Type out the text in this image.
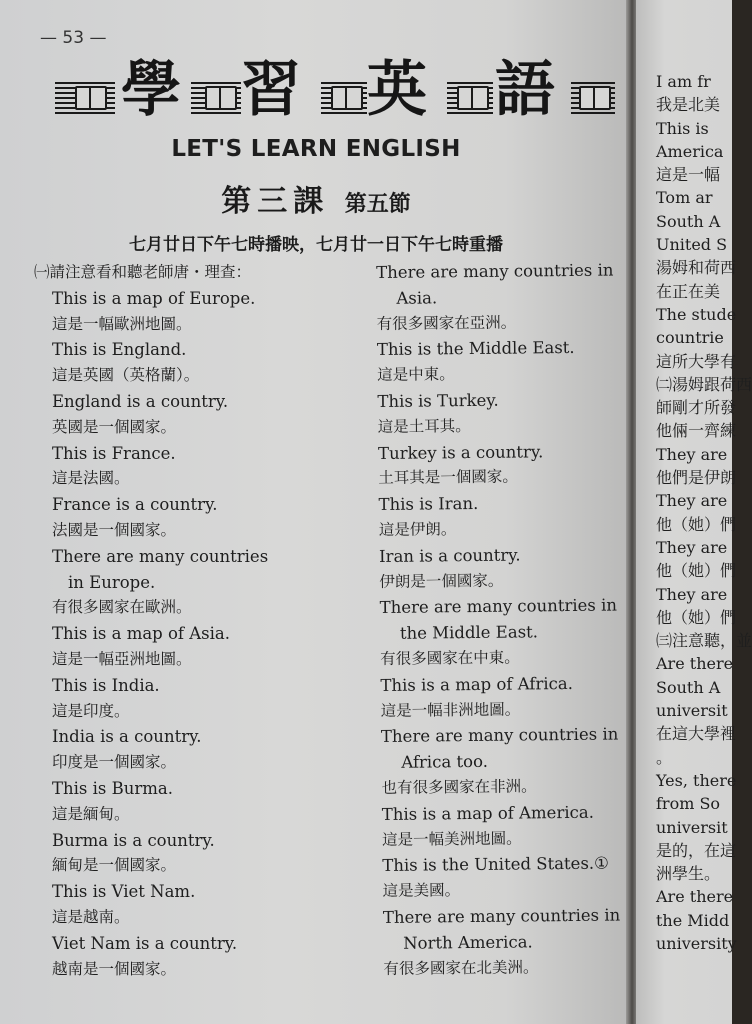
— 53 —
學 習 英 語
LET'S LEARN ENGLISH
第三課 第五節
七月廿日下午七時播映，七月廿一日下午七時重播
㈠請注意看和聽老師唐・理查：
This is a map of Europe.
這是一幅歐洲地圖。
This is England.
這是英國（英格蘭）。
England is a country.
英國是一個國家。
This is France.
這是法國。
France is a country.
法國是一個國家。
There are many countries
in Europe.
有很多國家在歐洲。
This is a map of Asia.
這是一幅亞洲地圖。
This is India.
這是印度。
India is a country.
印度是一個國家。
This is Burma.
這是緬甸。
Burma is a country.
緬甸是一個國家。
This is Viet Nam.
這是越南。
Viet Nam is a country.
越南是一個國家。
There are many countries in
Asia.
有很多國家在亞洲。
This is the Middle East.
這是中東。
This is Turkey.
這是土耳其。
Turkey is a country.
土耳其是一個國家。
This is Iran.
這是伊朗。
Iran is a country.
伊朗是一個國家。
There are many countries in
the Middle East.
有很多國家在中東。
This is a map of Africa.
這是一幅非洲地圖。
There are many countries in
Africa too.
也有很多國家在非洲。
This is a map of America.
這是一幅美洲地圖。
This is the United States.①
這是美國。
There are many countries in
North America.
有很多國家在北美洲。
I am fr
我是北美
This is
America
這是一幅
Tom ar
South A
United S
湯姆和荷西
在正在美
The stude
countrie
這所大學有
㈡湯姆跟荷西
師剛才所發
他倆一齊練
They are
他們是伊朗
They are
他（她）們
They are
他（她）們
They are
他（她）們
㈢注意聽，並
Are there
South A
universit
在這大學裡
。
Yes, there
from So
universit
是的，在這
洲學生。
Are there
the Midd
university
